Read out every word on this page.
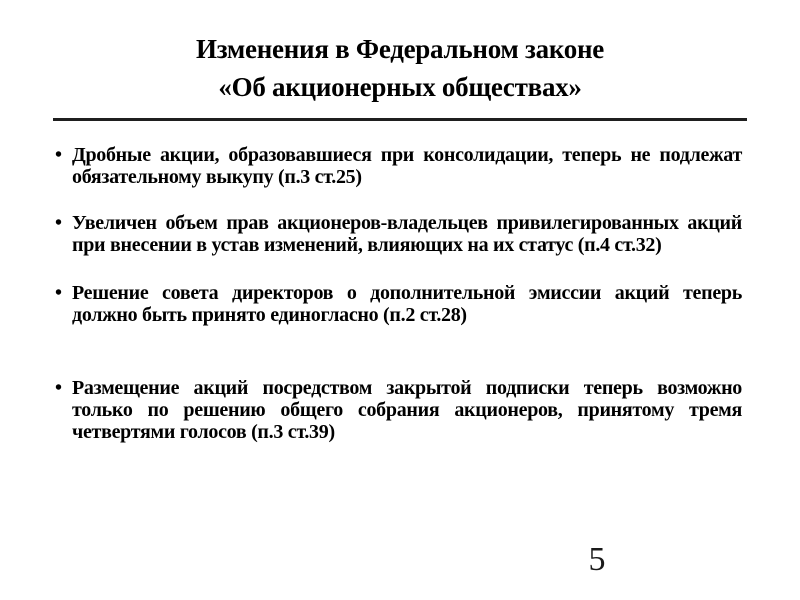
Изменения в Федеральном законе
«Об акционерных обществах»
• Дробные акции, образовавшиеся при консолидации, теперь не подлежат обязательному выкупу (п.3 ст.25)
• Увеличен объем прав акционеров-владельцев привилегированных акций при внесении в устав изменений, влияющих на их статус (п.4 ст.32)
• Решение совета директоров о дополнительной эмиссии акций теперь должно быть принято единогласно (п.2 ст.28)
• Размещение акций посредством закрытой подписки теперь возможно только по решению общего собрания акционеров, принятому тремя четвертями голосов (п.3 ст.39)
5
